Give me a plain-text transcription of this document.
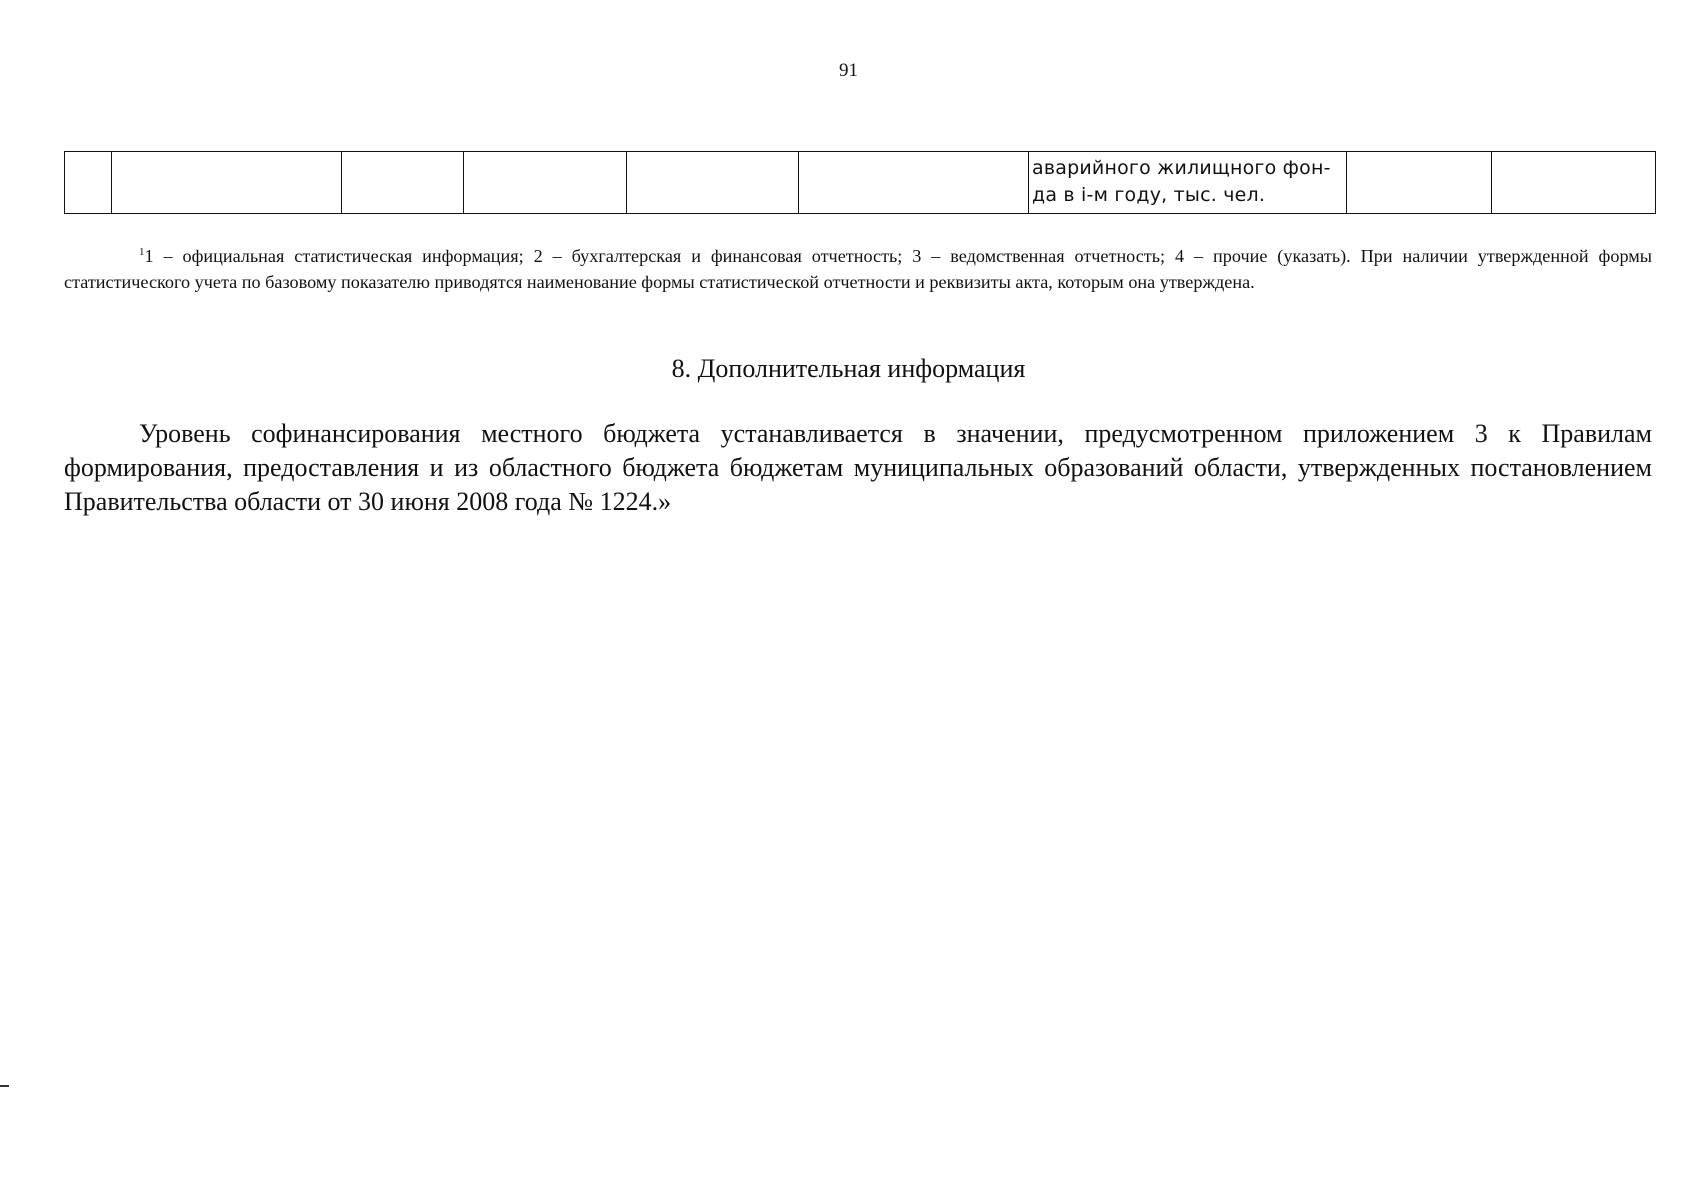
91
						аварийного жилищного фон-
да в i-м году, тыс. чел.		
$^1$1 – официальная статистическая информация; 2 – бухгалтерская и финансовая отчетность; 3 – ведомственная отчетность; 4 – прочие (указать). При наличии утвержденной формы статистического учета по базовому показателю приводятся наименование формы статистической отчетности и реквизиты акта, которым она утверждена.
8. Дополнительная информация
Уровень софинансирования местного бюджета устанавливается в значении, предусмотренном приложением 3 к Правилам формирования, предоставления и из областного бюджета бюджетам муниципальных образований области, утвержденных постановлением Правительства области от 30 июня 2008 года № 1224.»
